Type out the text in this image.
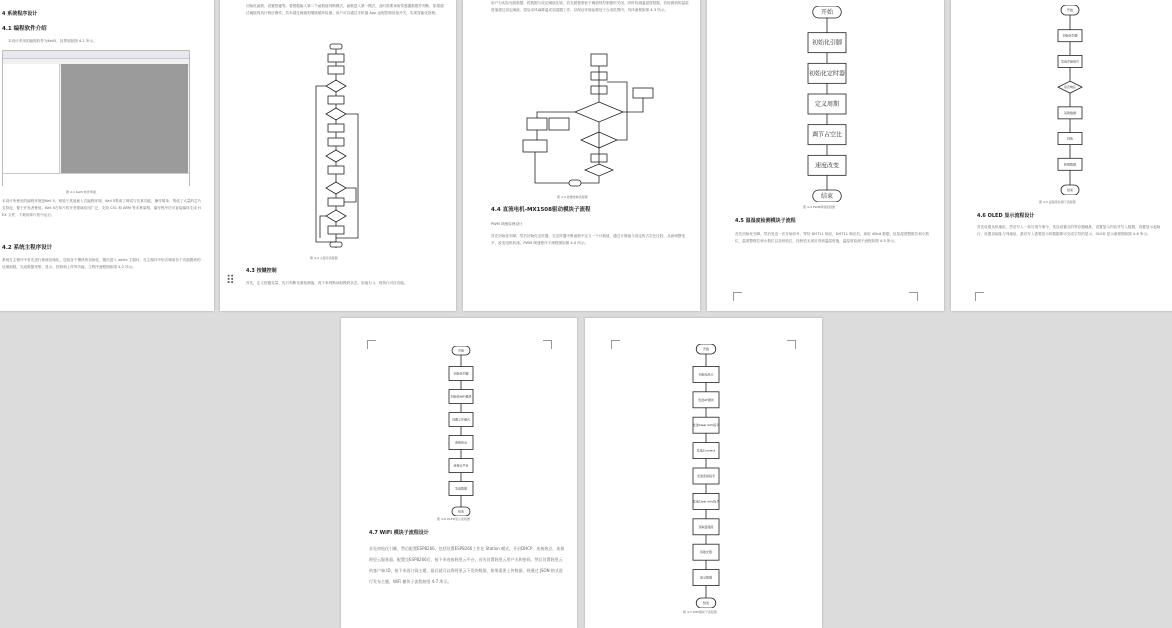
4 系统程序设计
4.1 编程软件介绍
本设计采用的编程软件为Keil5，其界面如图 4-1 所示。
图 4-1 Keil5 软件界面
本设计所使用的编程环境是Keil 5，相较于其他嵌入式编程环境，Keil 5集成了调试与仿真功能，操作简单，集成了大量的芯片支持包，便于开发者使用。Keil 5在单片机开发领域应用广泛，支持 C51 和 ARM 等多种架构，编写程序后可直接编译生成 HEX 文件，下载到单片机中运行。
4.2 系统主程序设计
系统在主程序中首先进行系统初始化，包括各个模块的初始化，随后进入 while 主循环，在主循环中依次调用各个功能模块的处理函数，完成数据采集、显示、控制和上传等功能，主程序流程图如图 4-2 所示。
初始化函数，设置按键等。要根据输入第二个函数值判断模式，函数进入第一模式，此时需要读取传感器数据并判断，如果超过阈值则执行相应操作，若未超过阈值则继续循环检测。用户可以通过手机端 App 远程控制设备开关，实现智能化管理。
图 4-2 主程序流程图
4.3 按键控制
首先，定义按键变量，先行判断光照检测值，再下来判断读取模块状态，如值为 1，则执行对应功能。
⠿
用户为实际光照数据，将数据与设定阈值比较，若光照强度低于阈值则控制窗帘关闭，同时检测温湿度数据，若检测到的温湿度值超过设定阈值，将启动风扇降温或加湿器工作，以保证环境参数处于合适范围内，具体流程如图 4-3 所示。
图 4-3 按键控制流程图
4.4 直流电机-MX1508驱动模块子流程
PWM 调速原理设计
首先初始化引脚，然后初始化定时器，在定时器中断函数中定义一个计数值，通过计数值与设定的占空比比较，从而调整电平，改变电机转速。PWM 调速程序子流程图如图 4-4 所示。
开始
初始化引脚
初始化定时器
定义周期
调节占空比
速度改变
结束
图 4-4 PWM调速流程图
4.5 温湿度检测模块子流程
首先初始化引脚，然后发送一次开始信号，等待 DHT11 响应，DHT11 响应后，读取 40bit 数据，包括湿度整数位和小数位、温度整数位和小数位以及校验位，经校验无误后得到温湿度值，温湿度检测子流程如图 4-5 所示。
开始
初始化引脚
发送开始信号
是否响应
读取数据
校验
转换数据
结束
图 4-5 温湿度检测子流程图
4.6 OLED 显示流程设计
首先设置从机地址，然后写入一条写指令命令，发送设置点的寄存器地址，设置显示内容并写入数据，设置显示起始行，设置页地址与列地址，最后写入需要显示的数据即可完成字符的显示，OLED 显示流程图如图 4-6 所示。
开始
初始化引脚
初始化WiFi模块
设置工作模式
连接热点
连接云平台
发送数据
结束
图 4-6 OLED显示流程图
4.7 WiFi 模块子流程设计
首先初始化引脚，然后配置ESP8266，包括设置ESP8266工作在 Station 模式，开启DHCP，连接热点，连接阿里云服务器，配置完ESP8266后，接下来连接阿里云平台，首先设置阿里云用户名和密码，然后设置阿里云的客户端 ID，接下来再订阅主题，最后就可以将阿里云下发的数据，如果需要上传数据，则通过 JSON 格式进行发布主题，WiFi 模块子流程如图 4-7 所示。
开始
初始化串口
发送AT测试
发送Clear Info指令
发送Connect
发送连接指令
发送Clear Info指令
读取温湿度
读取光照
显示数据
结束
图 4-7 WiFi模块子流程图
